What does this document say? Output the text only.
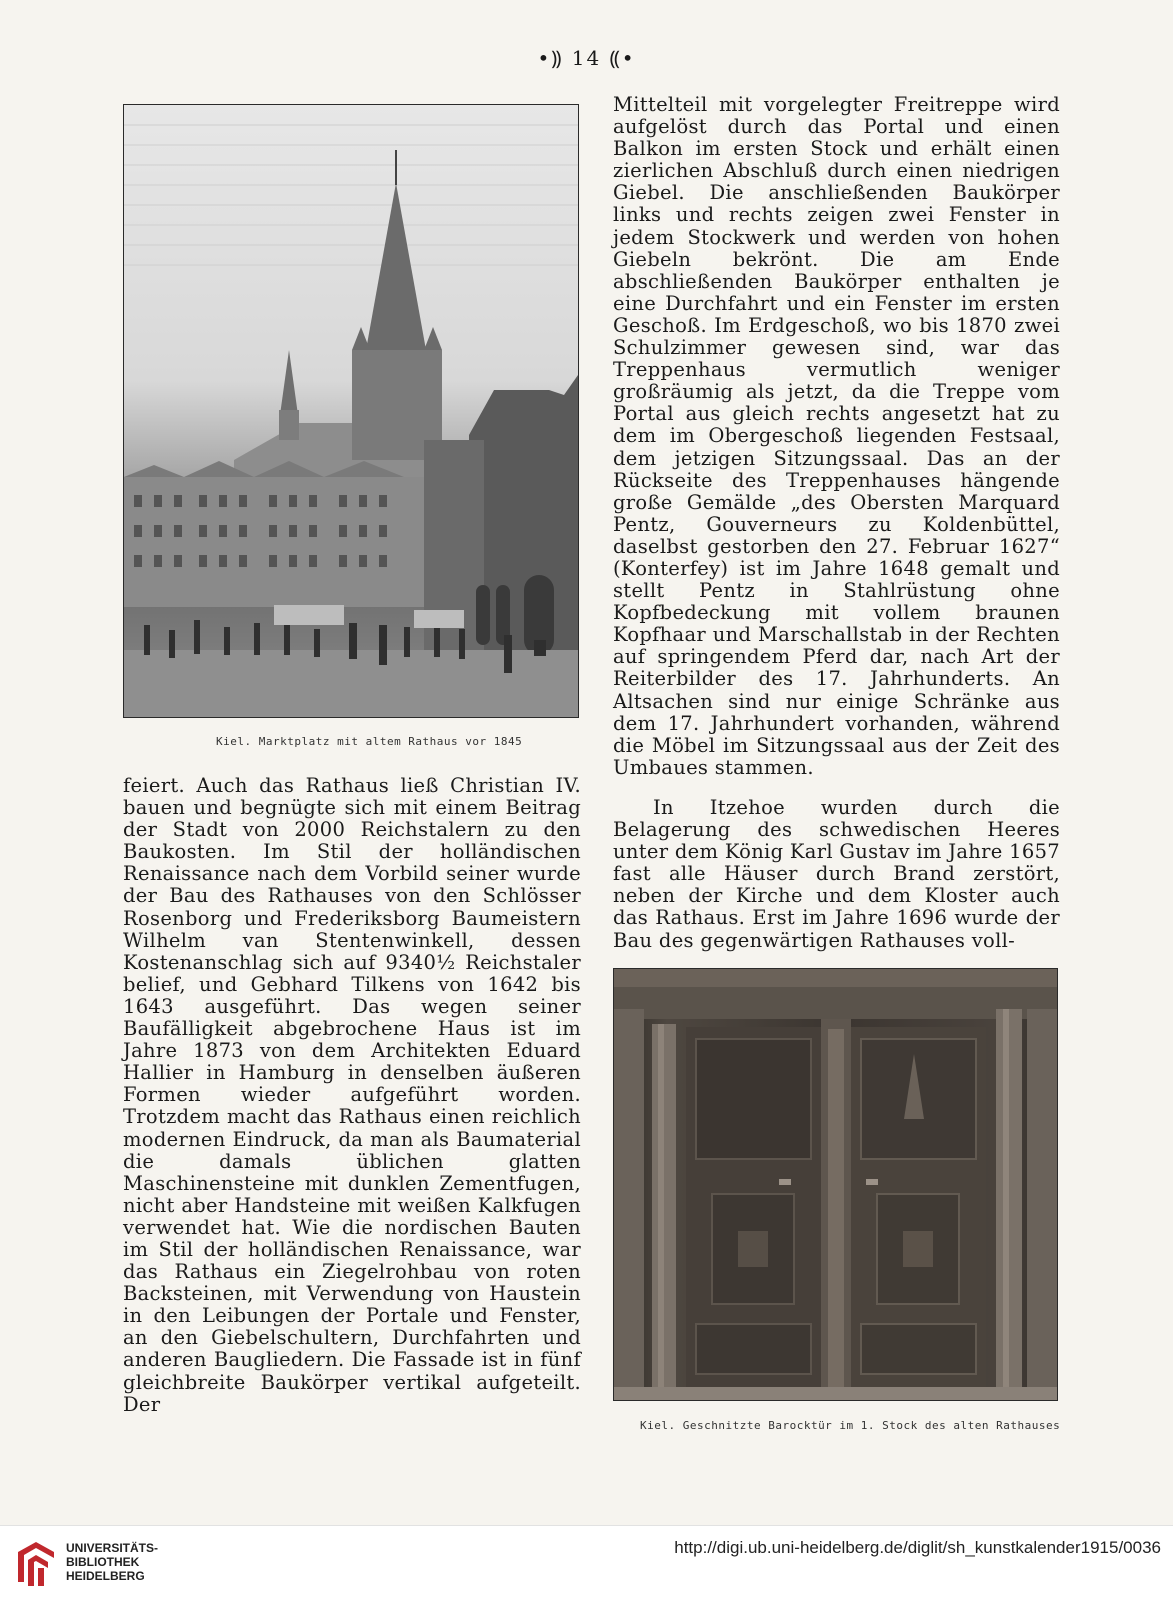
•⸩ 14 ⸨•
Kiel. Marktplatz mit altem Rathaus vor 1845
Kiel. Geschnitzte Barocktür im 1. Stock des alten Rathauses

Mittelteil mit vorgelegter Freitreppe wird aufgelöst durch das Portal und einen Balkon im ersten Stock und erhält einen zierlichen Abschluß durch einen niedrigen Giebel. Die anschließenden Baukörper links und rechts zeigen zwei Fenster in jedem Stockwerk und werden von hohen Giebeln bekrönt. Die am Ende abschließenden Baukörper enthalten je eine Durchfahrt und ein Fenster im ersten Geschoß. Im Erdgeschoß, wo bis 1870 zwei Schulzimmer gewesen sind, war das Treppenhaus vermutlich weniger großräumig als jetzt, da die Treppe vom Portal aus gleich rechts angesetzt hat zu dem im Obergeschoß liegenden Festsaal, dem jetzigen Sitzungssaal. Das an der Rückseite des Treppenhauses hängende große Gemälde „des Obersten Marquard Pentz, Gouverneurs zu Koldenbüttel, daselbst gestorben den 27. Februar 1627“ (Konterfey) ist im Jahre 1648 gemalt und stellt Pentz in Stahlrüstung ohne Kopfbedeckung mit vollem braunen Kopfhaar und Marschallstab in der Rechten auf springendem Pferd dar, nach Art der Reiterbilder des 17. Jahrhunderts. An Altsachen sind nur einige Schränke aus dem 17. Jahrhundert vorhanden, während die Möbel im Sitzungssaal aus der Zeit des Umbaues stammen.

In Itzehoe wurden durch die Belagerung des schwedischen Heeres unter dem König Karl Gustav im Jahre 1657 fast alle Häuser durch Brand zerstört, neben der Kirche und dem Kloster auch das Rathaus. Erst im Jahre 1696 wurde der Bau des gegenwärtigen Rathauses voll-

feiert. Auch das Rathaus ließ Christian IV. bauen und begnügte sich mit einem Beitrag der Stadt von 2000 Reichstalern zu den Baukosten. Im Stil der holländischen Renaissance nach dem Vorbild seiner wurde der Bau des Rathauses von den Schlösser Rosenborg und Frederiksborg Baumeistern Wilhelm van Stentenwinkell, dessen Kostenanschlag sich auf 9340½ Reichstaler belief, und Gebhard Tilkens von 1642 bis 1643 ausgeführt. Das wegen seiner Baufälligkeit abgebrochene Haus ist im Jahre 1873 von dem Architekten Eduard Hallier in Hamburg in denselben äußeren Formen wieder aufgeführt worden. Trotzdem macht das Rathaus einen reichlich modernen Eindruck, da man als Baumaterial die damals üblichen glatten Maschinensteine mit dunklen Zementfugen, nicht aber Handsteine mit weißen Kalkfugen verwendet hat. Wie die nordischen Bauten im Stil der holländischen Renaissance, war das Rathaus ein Ziegelrohbau von roten Backsteinen, mit Verwendung von Haustein in den Leibungen der Portale und Fenster, an den Giebelschultern, Durchfahrten und anderen Baugliedern. Die Fassade ist in fünf gleichbreite Baukörper vertikal aufgeteilt. Der

UNIVERSITÄTS-
BIBLIOTHEK
HEIDELBERG
http://digi.ub.uni-heidelberg.de/diglit/sh_kunstkalender1915/0036
